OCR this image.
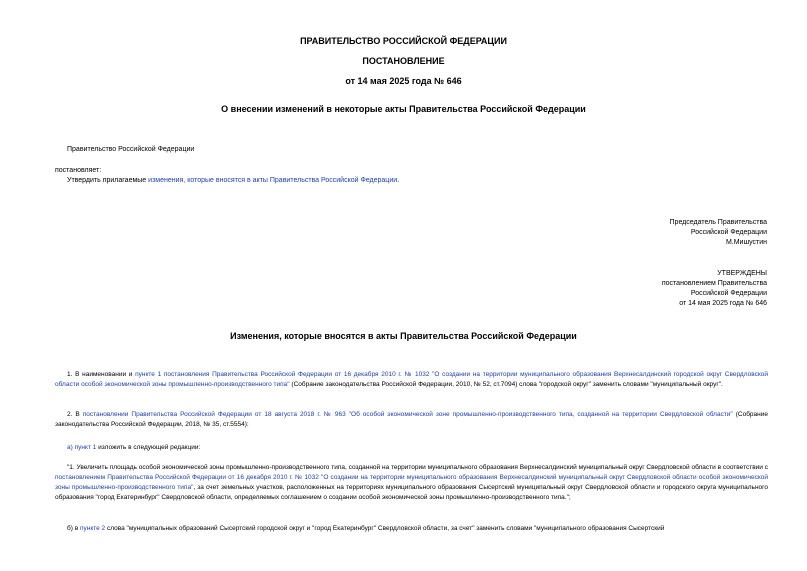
ПРАВИТЕЛЬСТВО РОССИЙСКОЙ ФЕДЕРАЦИИ
ПОСТАНОВЛЕНИЕ
от 14 мая 2025 года № 646
О внесении изменений в некоторые акты Правительства Российской Федерации
Правительство Российской Федерации
постановляет:
Утвердить прилагаемые изменения, которые вносятся в акты Правительства Российской Федерации.
Председатель Правительства
Российской Федерации
М.Мишустин
УТВЕРЖДЕНЫ
постановлением Правительства
Российской Федерации
от 14 мая 2025 года № 646
Изменения, которые вносятся в акты Правительства Российской Федерации
1. В наименовании и пункте 1 постановления Правительства Российской Федерации от 16 декабря 2010 г. № 1032 "О создании на территории муниципального образования Верхнесалдинский городской округ Свердловской области особой экономической зоны промышленно-производственного типа" (Собрание законодательства Российской Федерации, 2010, № 52, ст.7094) слова "городской округ" заменить словами "муниципальный округ".
2. В постановлении Правительства Российской Федерации от 18 августа 2018 г. № 963 "Об особой экономической зоне промышленно-производственного типа, созданной на территории Свердловской области" (Собрание законодательства Российской Федерации, 2018, № 35, ст.5554):
а) пункт 1 изложить в следующей редакции:
"1. Увеличить площадь особой экономической зоны промышленно-производственного типа, созданной на территории муниципального образования Верхнесалдинский муниципальный округ Свердловской области в соответствии с постановлением Правительства Российской Федерации от 16 декабря 2010 г. № 1032 "О создании на территории муниципального образования Верхнесалдинский муниципальный округ Свердловской области особой экономической зоны промышленно-производственного типа", за счет земельных участков, расположенных на территориях муниципального образования Сысертский муниципальный округ Свердловской области и городского округа муниципального образования "город Екатеринбург" Свердловской области, определяемых соглашением о создании особой экономической зоны промышленно-производственного типа.";
б) в пункте 2 слова "муниципальных образований Сысертский городской округ и "город Екатеринбург" Свердловской области, за счет" заменить словами "муниципального образования Сысертский
